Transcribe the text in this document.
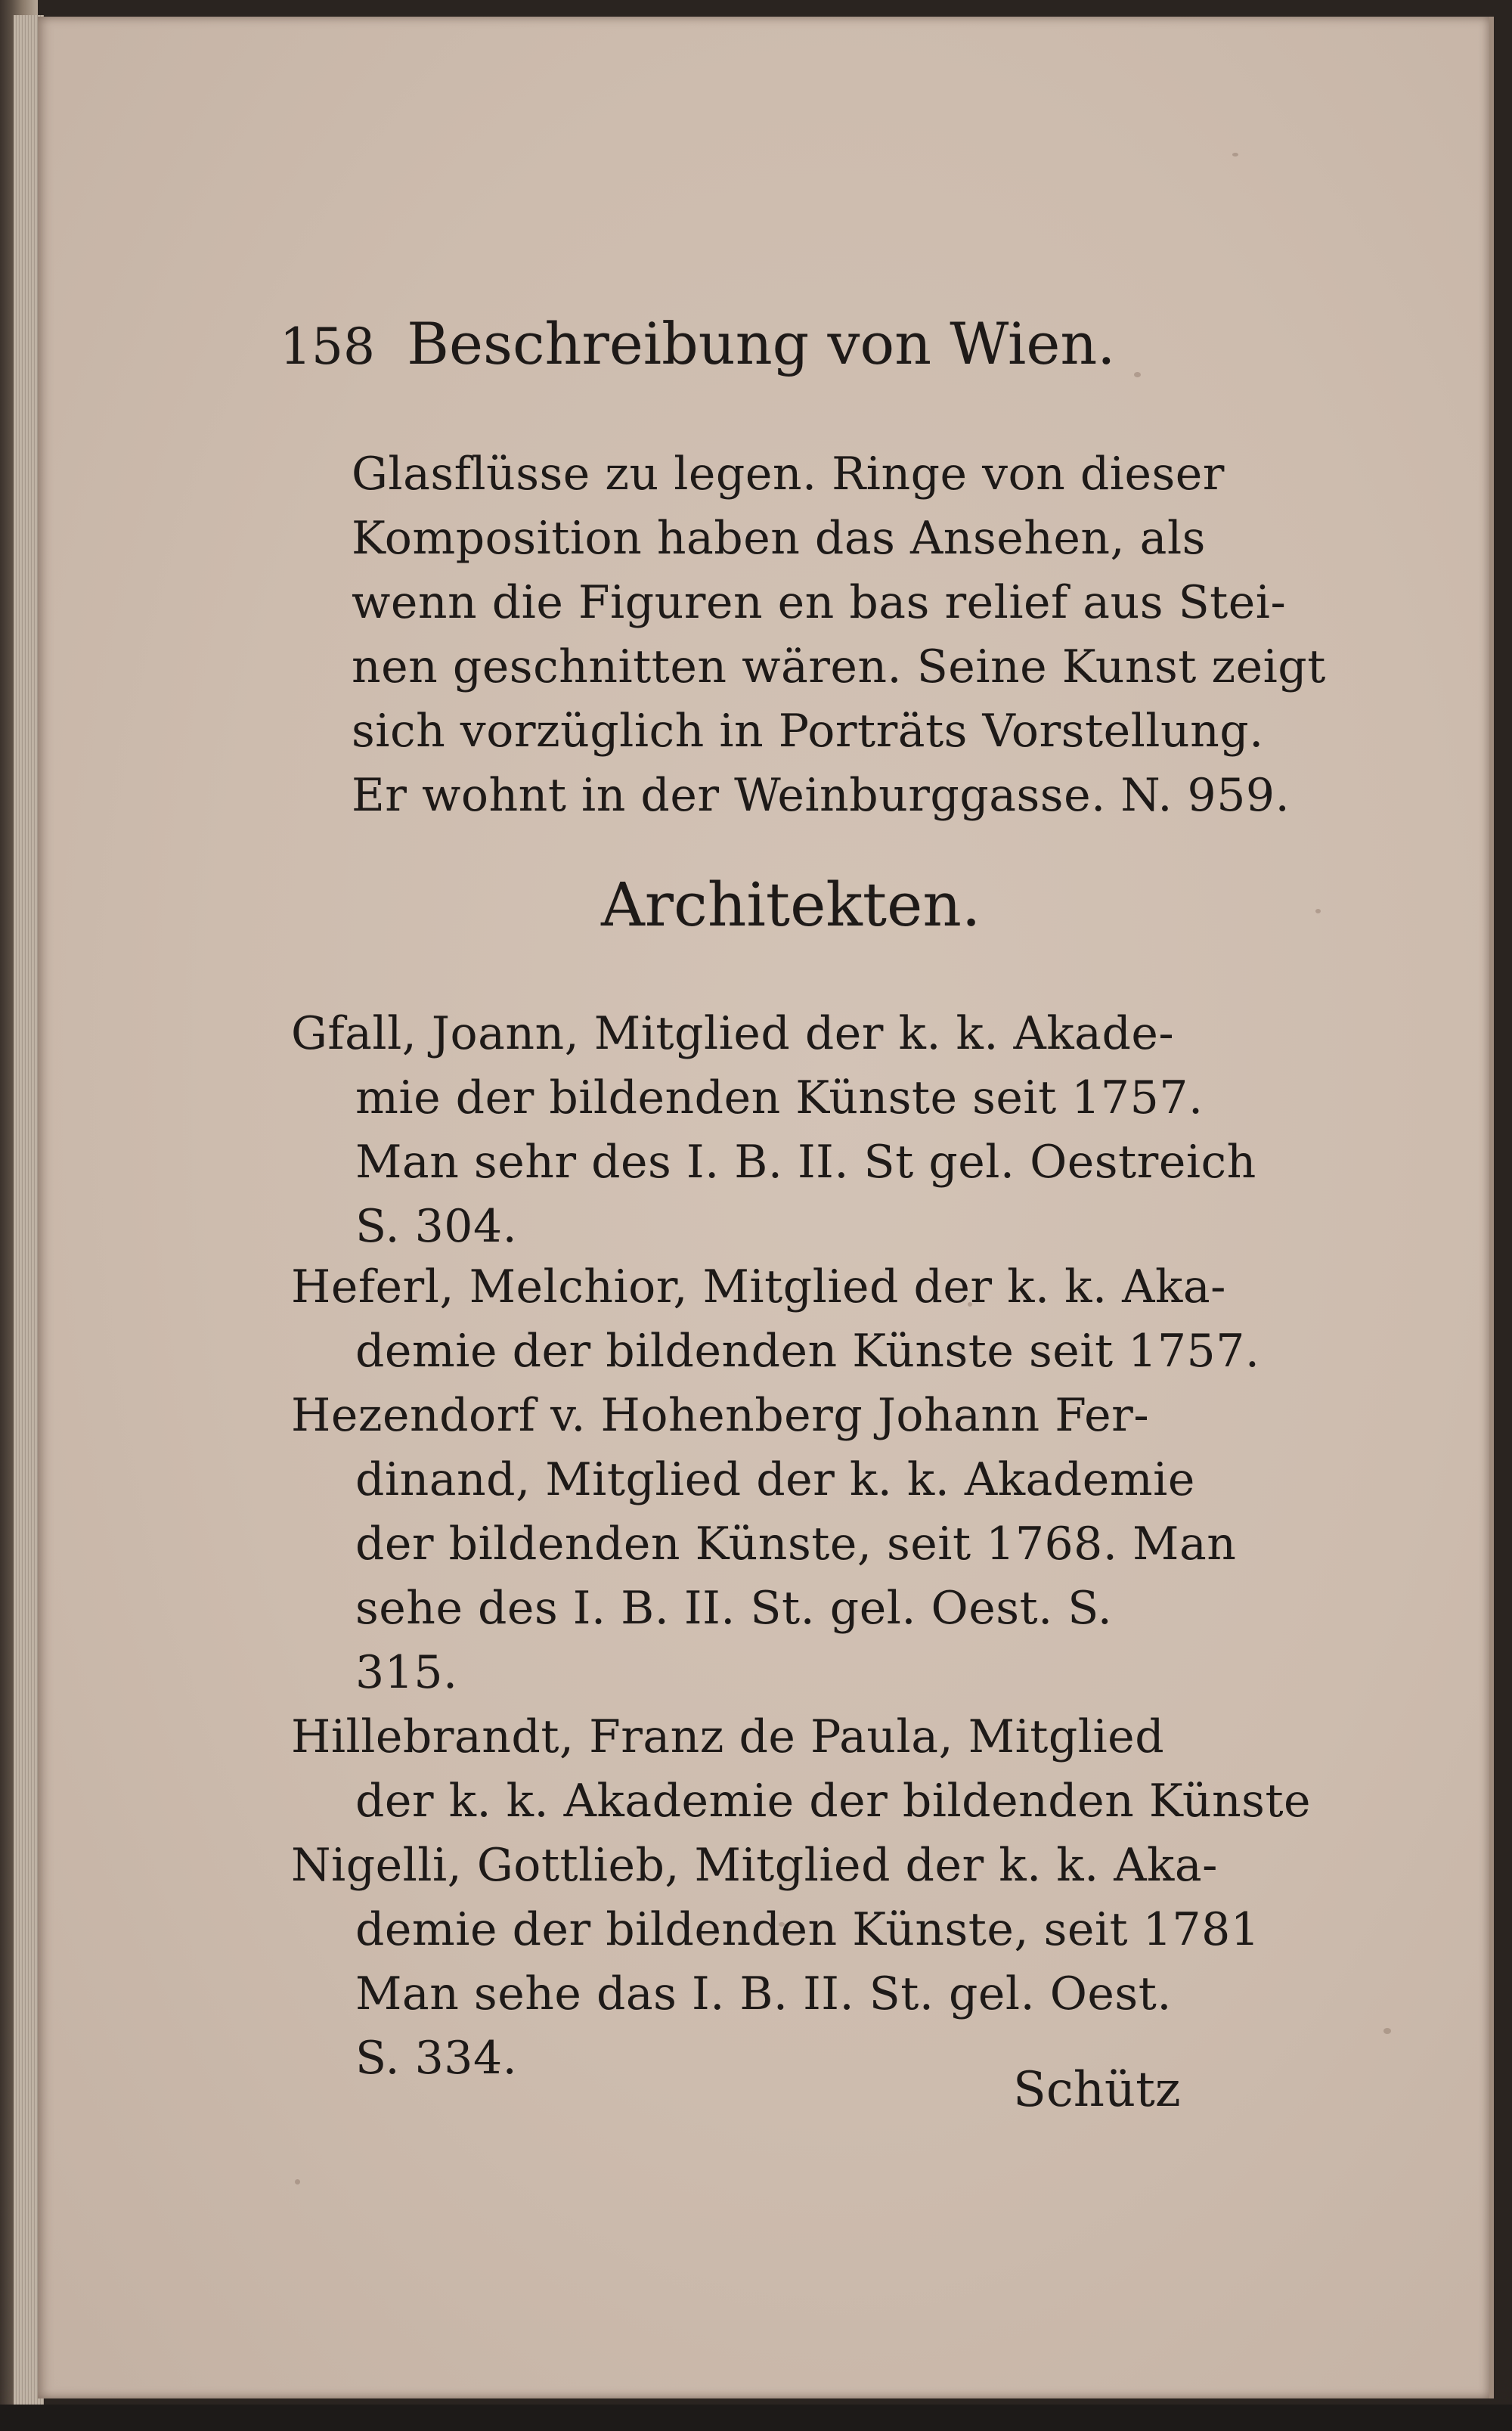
158 Beschreibung von Wien.
Glasflüsse zu legen. Ringe von dieser
Komposition haben das Ansehen, als
wenn die Figuren en bas relief aus Stei-
nen geschnitten wären. Seine Kunst zeigt
sich vorzüglich in Porträts Vorstellung.
Er wohnt in der Weinburggasse. N. 959.
Architekten.
Gfall, Joann, Mitglied der k. k. Akade-
mie der bildenden Künste seit 1757.
Man sehr des I. B. II. St gel. Oestreich
S. 304.
Heferl, Melchior, Mitglied der k. k. Aka-
demie der bildenden Künste seit 1757.
Hezendorf v. Hohenberg Johann Fer-
dinand, Mitglied der k. k. Akademie
der bildenden Künste, seit 1768. Man
sehe des I. B. II. St. gel. Oest. S.
315.
Hillebrandt, Franz de Paula, Mitglied
der k. k. Akademie der bildenden Künste
Nigelli, Gottlieb, Mitglied der k. k. Aka-
demie der bildenden Künste, seit 1781
Man sehe das I. B. II. St. gel. Oest.
S. 334.
Schütz
